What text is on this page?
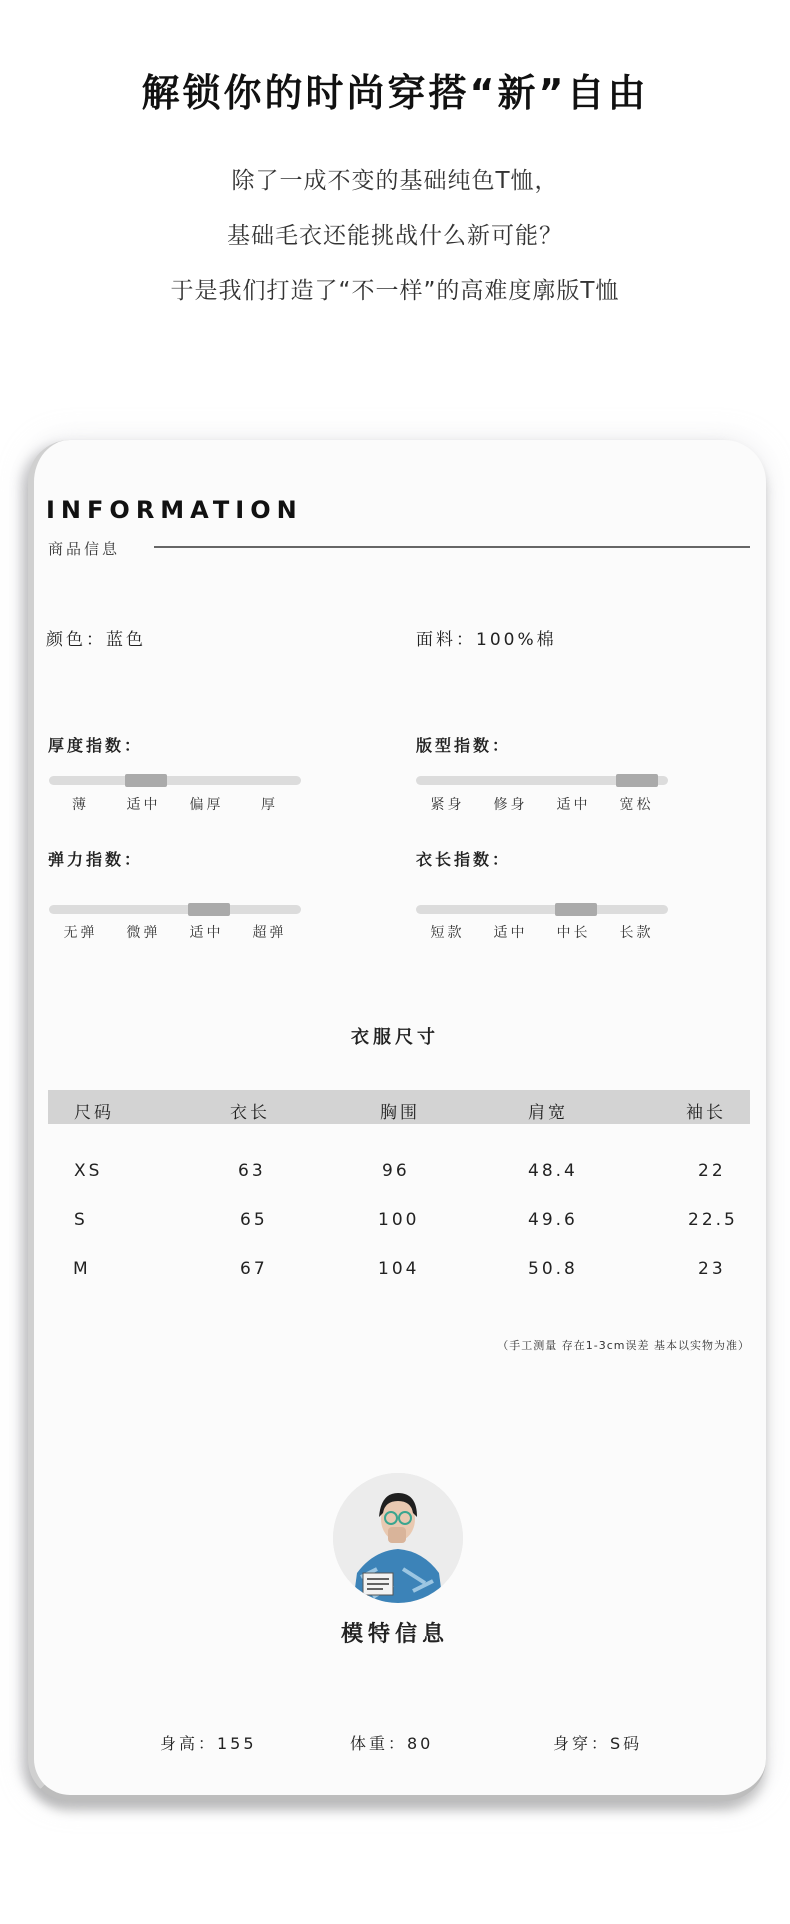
解锁你的时尚穿搭“新”自由
除了一成不变的基础纯色T恤，
基础毛衣还能挑战什么新可能？
于是我们打造了“不一样”的高难度廓版T恤
INFORMATION
商品信息
颜色：蓝色	面料：100%棉
厚度指数：
薄	适中	偏厚	厚
版型指数：
紧身	修身	适中	宽松
弹力指数：
无弹	微弹	适中	超弹
衣长指数：
短款	适中	中长	长款
衣服尺寸
尺码	衣长	胸围	肩宽	袖长
XS	63	96	48.4	22
S	65	100	49.6	22.5
M	67	104	50.8	23
（手工测量 存在1-3cm误差 基本以实物为准）
模特信息
身高：155	体重：80	身穿：S码
